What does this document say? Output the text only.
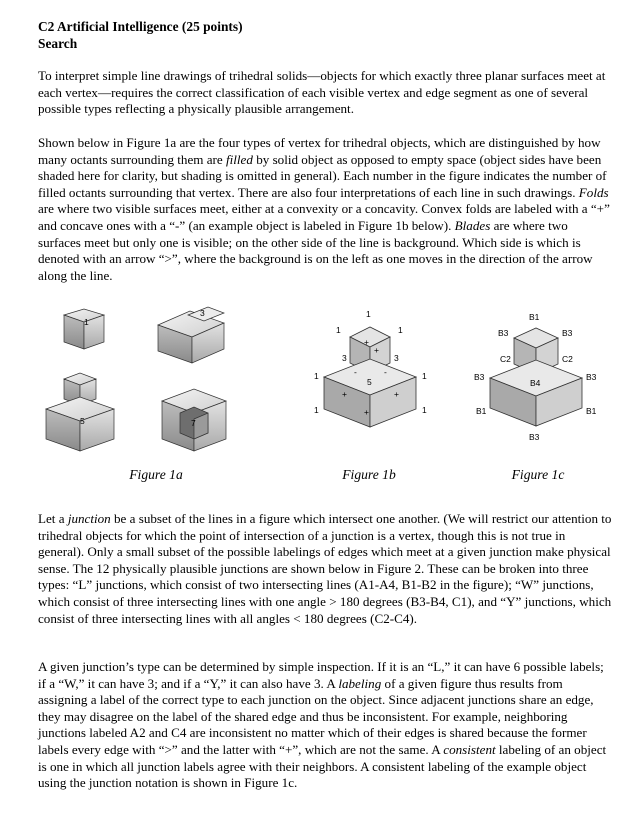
C2 Artificial Intelligence (25 points)
Search
To interpret simple line drawings of trihedral solids—objects for which exactly three planar surfaces meet at each vertex—requires the correct classification of each visible vertex and edge segment as one of several possible types reflecting a physically plausible arrangement.
Shown below in Figure 1a are the four types of vertex for trihedral objects, which are distinguished by how many octants surrounding them are filled by solid object as opposed to empty space (object sides have been shaded here for clarity, but shading is omitted in general). Each number in the figure indicates the number of filled octants surrounding that vertex. There are also four interpretations of each line in such drawings. Folds are where two visible surfaces meet, either at a convexity or a concavity. Convex folds are labeled with a “+” and concave ones with a “-” (an example object is labeled in Figure 1b below). Blades are where two surfaces meet but only one is visible; on the other side of the line is background. Which side is which is denoted with an arrow “>”, where the background is on the left as one moves in the direction of the arrow along the line.
1
3
5	7
1
1	1
3	3
5
1	1
1	1
+
+
+
+
+
-	-
B1
B3	B3
C2	C2
B3
B4
B3
B1	B1
B3
Figure 1a	Figure 1b	Figure 1c
Let a junction be a subset of the lines in a figure which intersect one another. (We will restrict our attention to trihedral objects for which the point of intersection of a junction is a vertex, though this is not true in general). Only a small subset of the possible labelings of edges which meet at a given junction make physical sense. The 12 physically plausible junctions are shown below in Figure 2. These can be broken into three types: “L” junctions, which consist of two intersecting lines (A1-A4, B1-B2 in the figure); “W” junctions, which consist of three intersecting lines with one angle > 180 degrees (B3-B4, C1), and “Y” junctions, which consist of three intersecting lines with all angles < 180 degrees (C2-C4).
A given junction’s type can be determined by simple inspection. If it is an “L,” it can have 6 possible labels; if a “W,” it can have 3; and if a “Y,” it can also have 3. A labeling of a given figure thus results from assigning a label of the correct type to each junction on the object. Since adjacent junctions share an edge, they may disagree on the label of the shared edge and thus be inconsistent. For example, neighboring junctions labeled A2 and C4 are inconsistent no matter which of their edges is shared because the former labels every edge with “>” and the latter with “+”, which are not the same. A consistent labeling of an object is one in which all junction labels agree with their neighbors. A consistent labeling of the example object using the junction notation is shown in Figure 1c.
